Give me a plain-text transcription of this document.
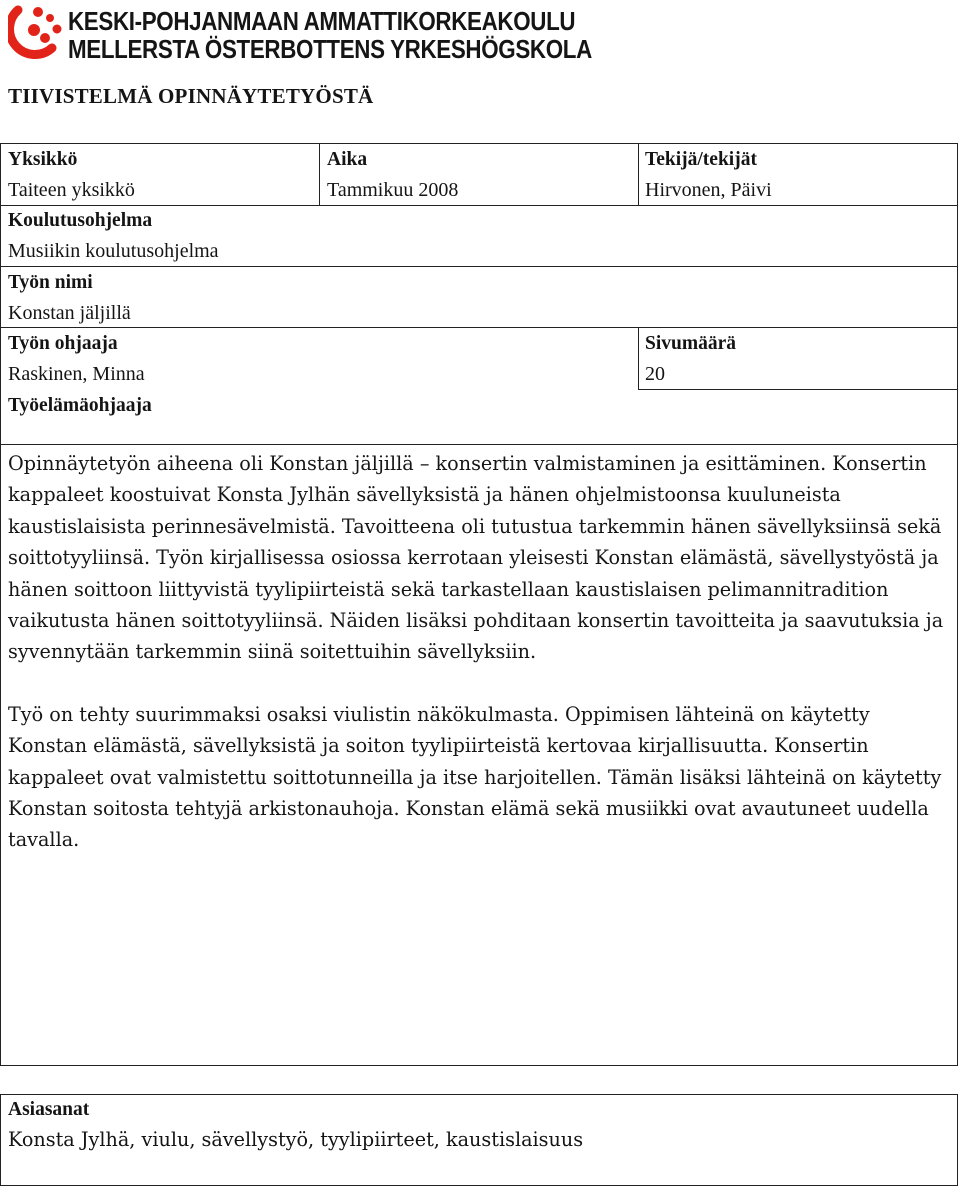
KESKI-POHJANMAAN AMMATTIKORKEAKOULU
MELLERSTA ÖSTERBOTTENS YRKESHÖGSKOLA
TIIVISTELMÄ OPINNÄYTETYÖSTÄ
Yksikkö
Taiteen yksikkö
Aika
Tammikuu 2008
Tekijä/tekijät
Hirvonen, Päivi
Koulutusohjelma
Musiikin koulutusohjelma
Työn nimi
Konstan jäljillä
Työn ohjaaja
Raskinen, Minna
Sivumäärä
20
Työelämäohjaaja

Opinnäytetyön aiheena oli Konstan jäljillä – konsertin valmistaminen ja esittäminen. Konsertin kappaleet koostuivat Konsta Jylhän sävellyksistä ja hänen ohjelmistoonsa kuuluneista kaustislaisista perinnesävelmistä. Tavoitteena oli tutustua tarkemmin hänen sävellyksiinsä sekä soittotyyliinsä. Työn kirjallisessa osiossa kerrotaan yleisesti Konstan elämästä, sävellystyöstä ja hänen soittoon liittyvistä tyylipiirteistä sekä tarkastellaan kaustislaisen pelimannitradition vaikutusta hänen soittotyyliinsä. Näiden lisäksi pohditaan konsertin tavoitteita ja saavutuksia ja syvennytään tarkemmin siinä soitettuihin sävellyksiin.

Työ on tehty suurimmaksi osaksi viulistin näkökulmasta. Oppimisen lähteinä on käytetty Konstan elämästä, sävellyksistä ja soiton tyylipiirteistä kertovaa kirjallisuutta. Konsertin kappaleet ovat valmistettu soittotunneilla ja itse harjoitellen. Tämän lisäksi lähteinä on käytetty Konstan soitosta tehtyjä arkistonauhoja. Konstan elämä sekä musiikki ovat avautuneet uudella tavalla.

Asiasanat
Konsta Jylhä, viulu, sävellystyö, tyylipiirteet, kaustislaisuus
